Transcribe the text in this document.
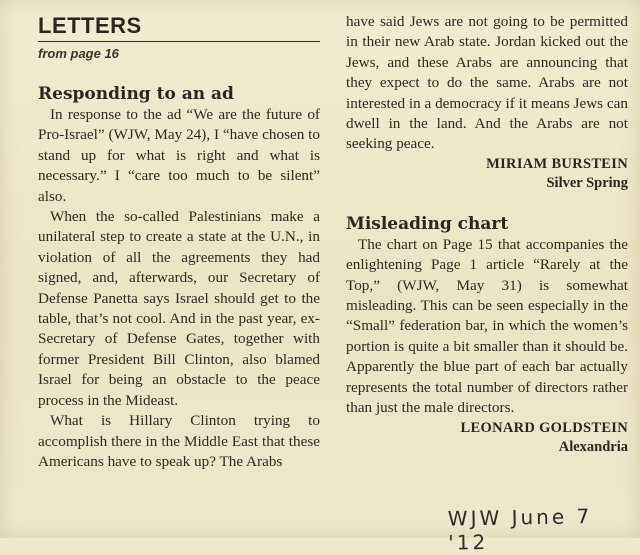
LETTERS
from page 16
Responding to an ad

In response to the ad “We are the future of Pro-Israel” (WJW, May 24), I “have chosen to stand up for what is right and what is necessary.” I “care too much to be silent” also.

When the so-called Palestinians make a unilateral step to create a state at the U.N., in violation of all the agreements they had signed, and, afterwards, our Secretary of Defense Panetta says Israel should get to the table, that’s not cool. And in the past year, ex-Secretary of Defense Gates, together with former President Bill Clinton, also blamed Israel for being an obstacle to the peace process in the Mideast.

What is Hillary Clinton trying to accomplish there in the Middle East that these Americans have to speak up? The Arabs

have said Jews are not going to be permitted in their new Arab state. Jordan kicked out the Jews, and these Arabs are announcing that they expect to do the same. Arabs are not interested in a democracy if it means Jews can dwell in the land. And the Arabs are not seeking peace.

MIRIAM BURSTEIN
Silver Spring
Misleading chart

The chart on Page 15 that accompanies the enlightening Page 1 article “Rarely at the Top,” (WJW, May 31) is somewhat misleading. This can be seen especially in the “Small” federation bar, in which the women’s portion is quite a bit smaller than it should be. Apparently the blue part of each bar actually represents the total number of directors rather than just the male directors.

LEONARD GOLDSTEIN
Alexandria
WJW June 7 '12
